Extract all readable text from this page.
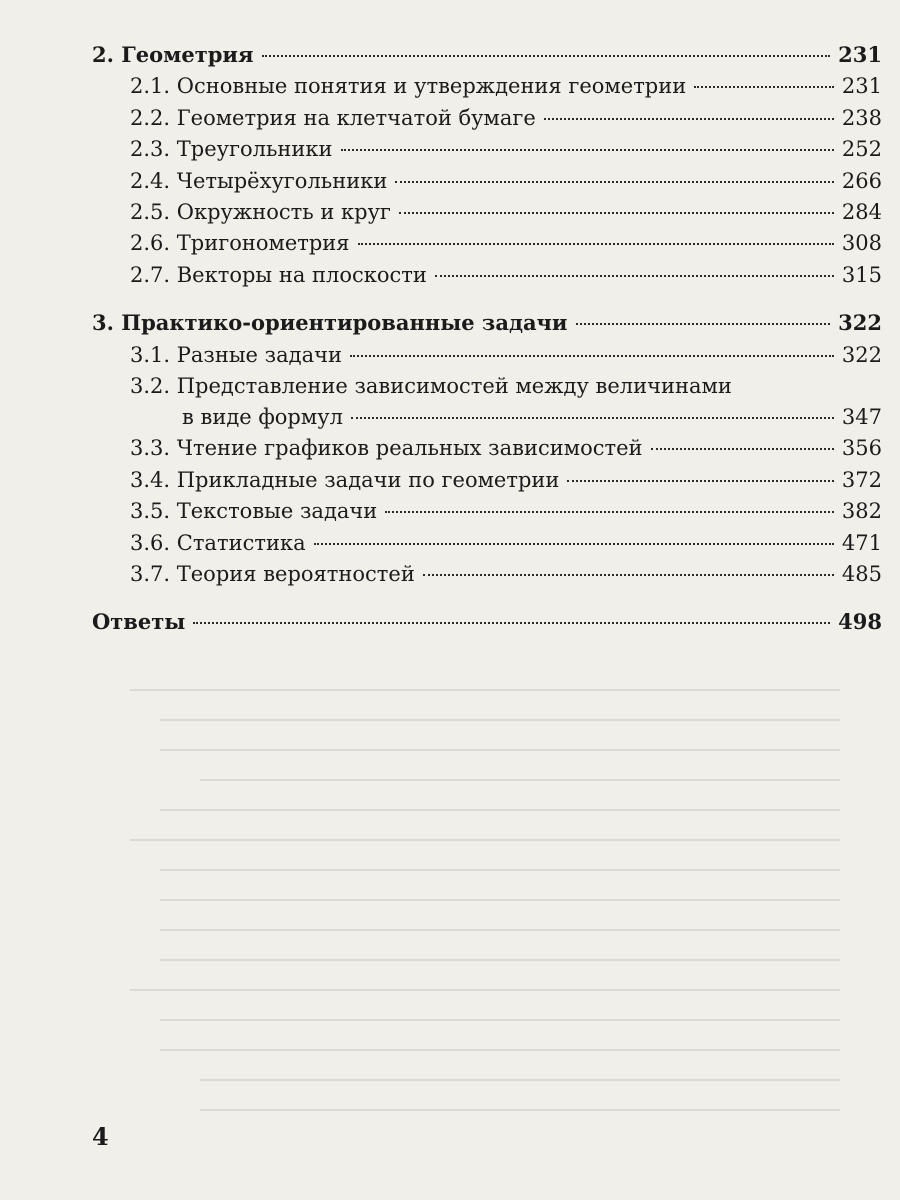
2. Геометрия	231
2.1. Основные понятия и утверждения геометрии	231
2.2. Геометрия на клетчатой бумаге	238
2.3. Треугольники	252
2.4. Четырёхугольники	266
2.5. Окружность и круг	284
2.6. Тригонометрия	308
2.7. Векторы на плоскости	315
3. Практико-ориентированные задачи	322
3.1. Разные задачи	322
3.2. Представление зависимостей между величинами
в виде формул	347
3.3. Чтение графиков реальных зависимостей	356
3.4. Прикладные задачи по геометрии	372
3.5. Текстовые задачи	382
3.6. Статистика	471
3.7. Теория вероятностей	485
Ответы	498
4
